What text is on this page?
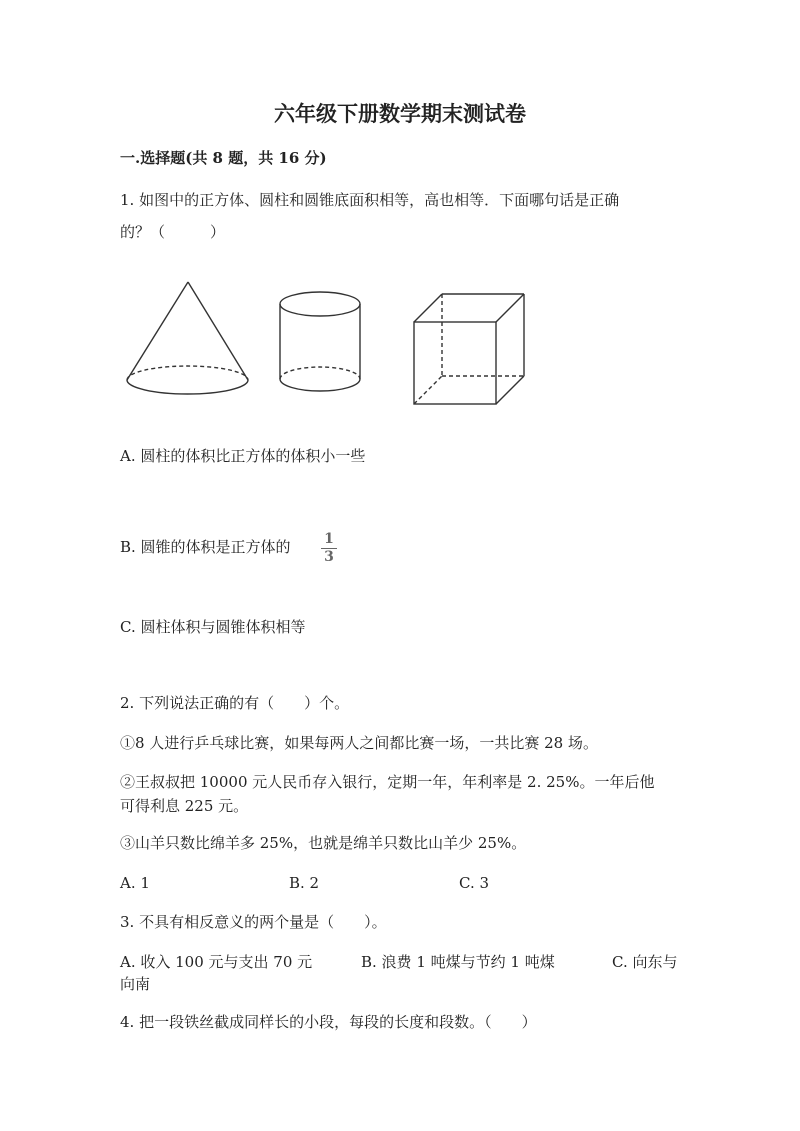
六年级下册数学期末测试卷
一.选择题(共 8 题，共 16 分)
1. 如图中的正方体、圆柱和圆锥底面积相等，高也相等．下面哪句话是正确
的？（　　　）
A. 圆柱的体积比正方体的体积小一些
B. 圆锥的体积是正方体的 1
3
C. 圆柱体积与圆锥体积相等
2. 下列说法正确的有（　　）个。
①8 人进行乒乓球比赛，如果每两人之间都比赛一场，一共比赛 28 场。
②王叔叔把 10000 元人民币存入银行，定期一年，年利率是 2. 25%。一年后他
可得利息 225 元。
③山羊只数比绵羊多 25%，也就是绵羊只数比山羊少 25%。
A. 1	B. 2	C. 3
3. 不具有相反意义的两个量是（　　）。
A. 收入 100 元与支出 70 元	B. 浪费 1 吨煤与节约 1 吨煤	C. 向东与
向南
4. 把一段铁丝截成同样长的小段，每段的长度和段数。（　　）
